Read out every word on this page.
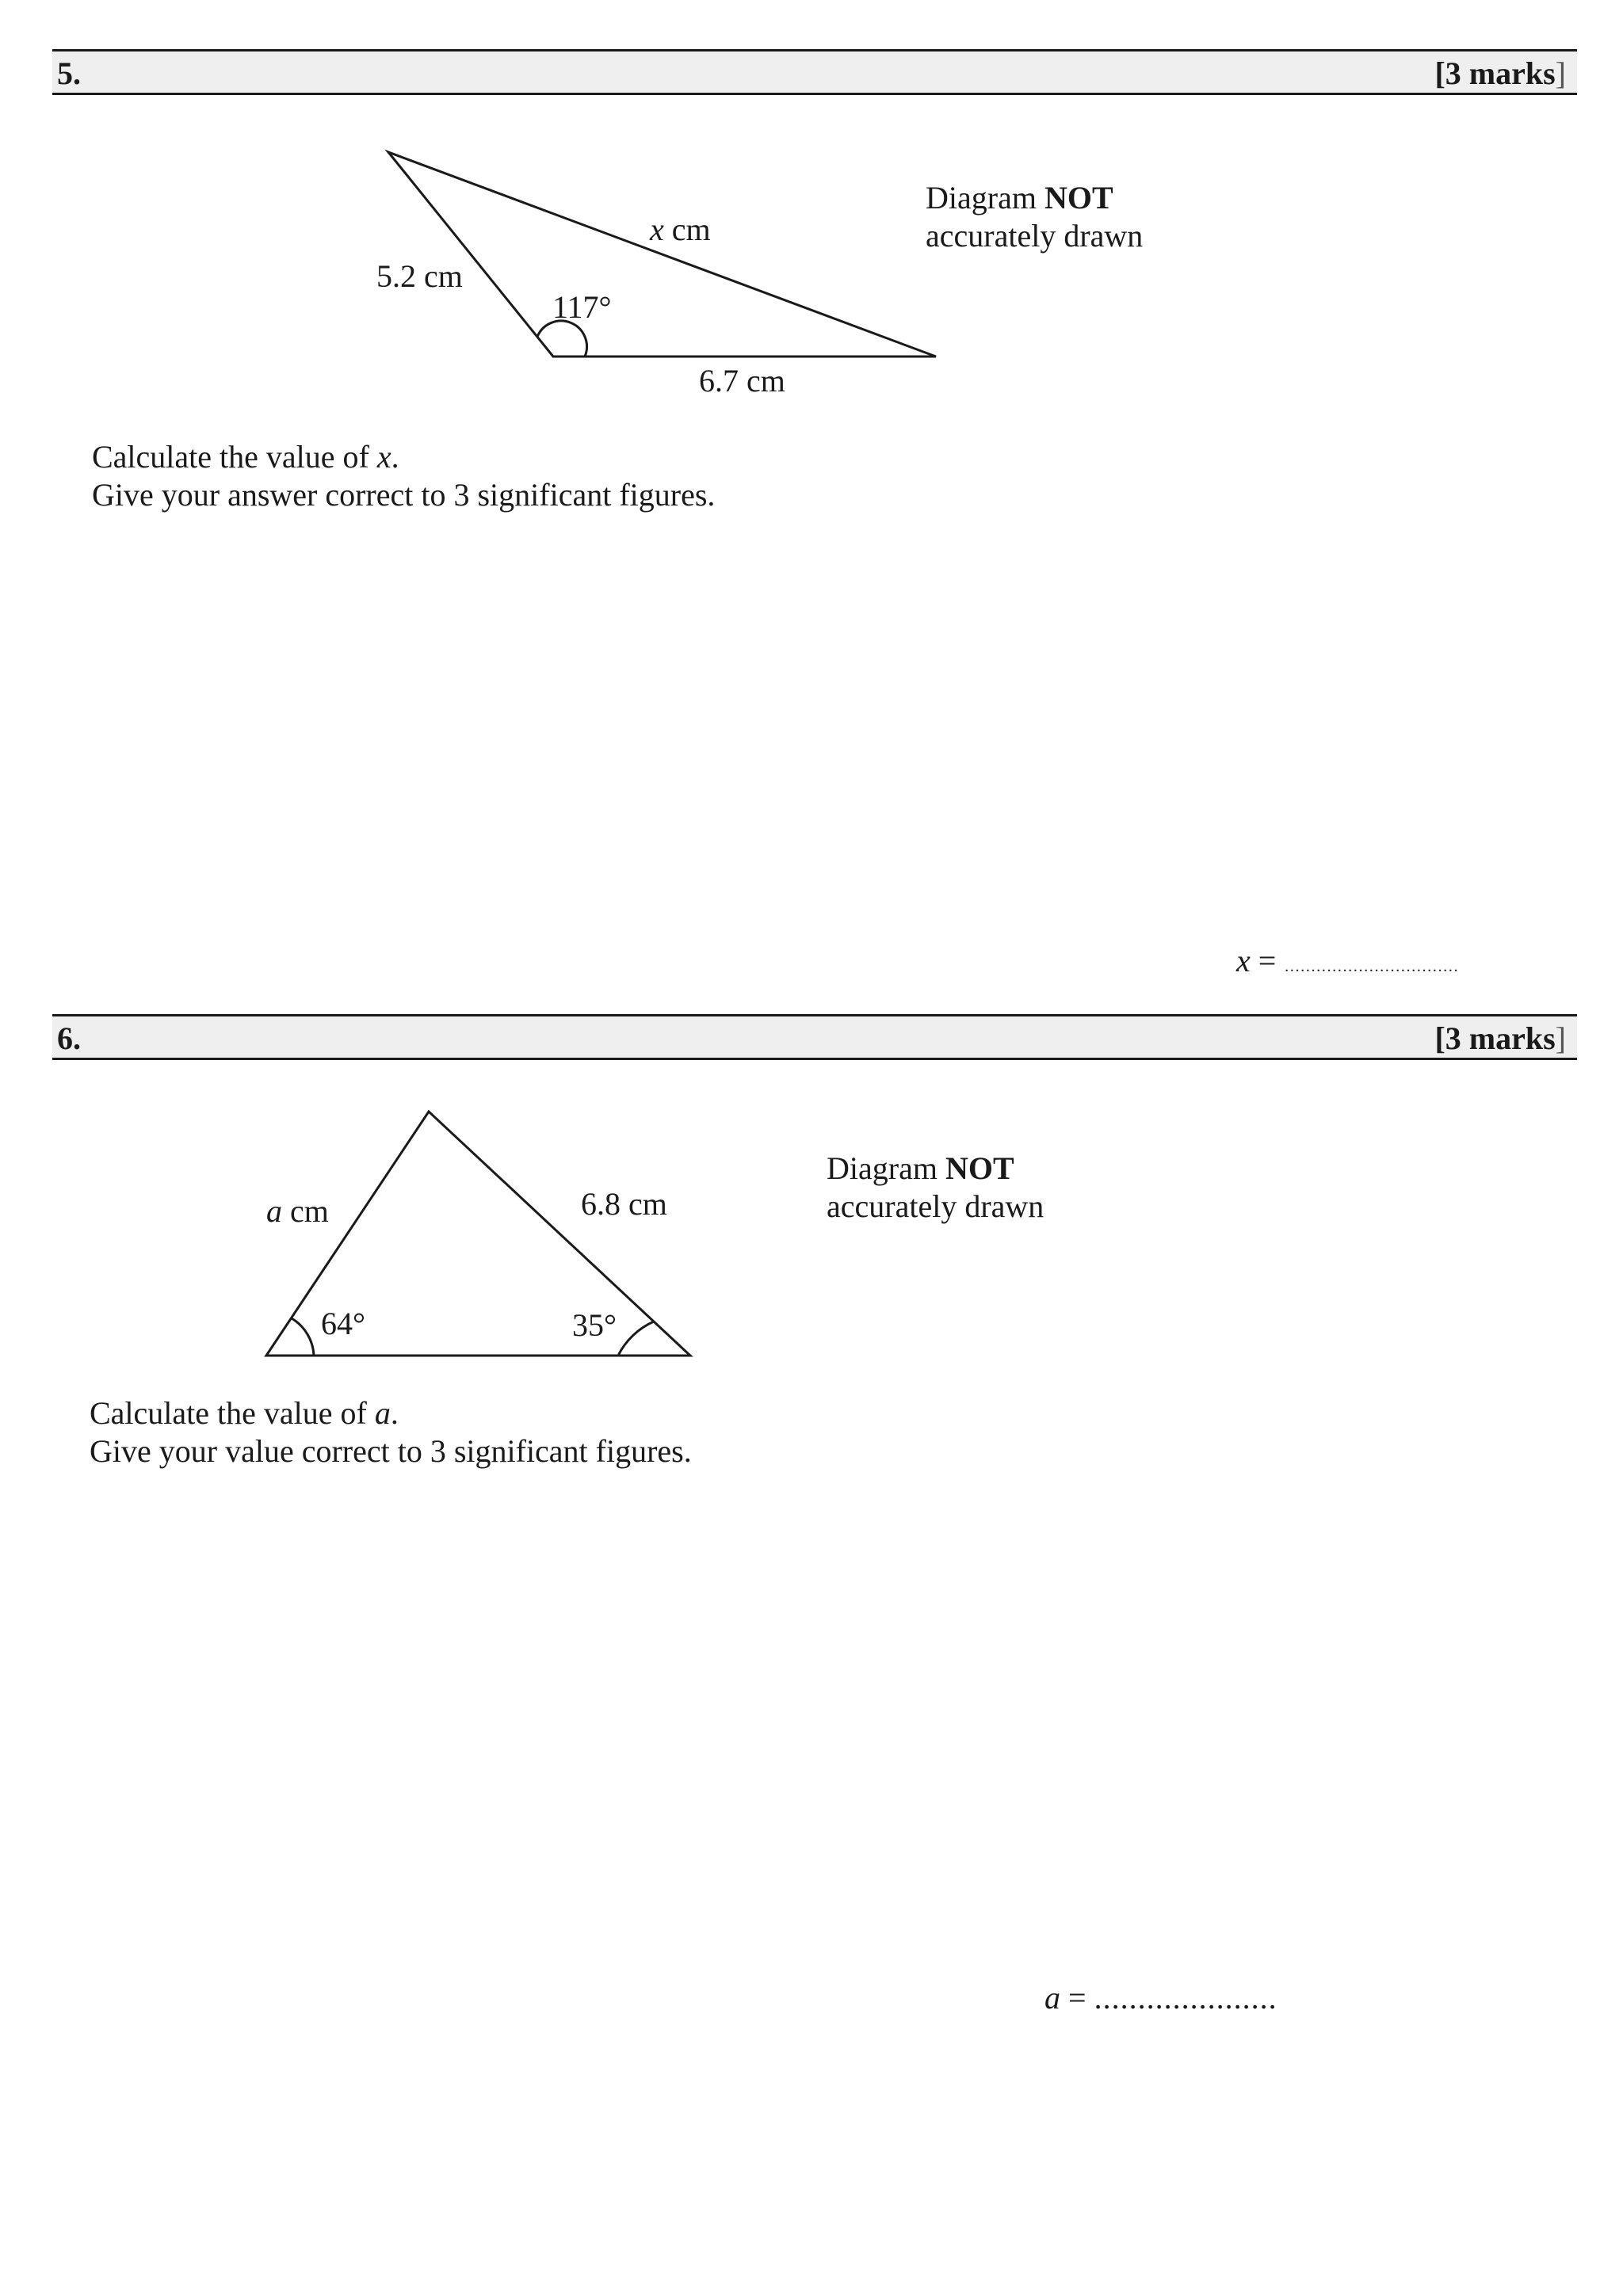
5.	[3 marks]
5.2 cm
x cm
117°
6.7 cm
Diagram NOT
accurately drawn
Calculate the value of x.
Give your answer correct to 3 significant figures.
x = ……………………………
6.	[3 marks]
a cm	6.8 cm
64°	35°
Diagram NOT
accurately drawn
Calculate the value of a.
Give your value correct to 3 significant figures.
a = .....................
